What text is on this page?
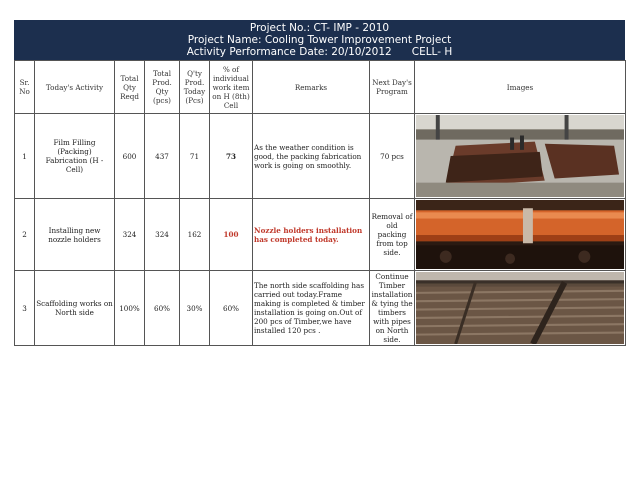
Project No.: CT- IMP - 2010
Project Name: Cooling Tower Improvement Project
Activity Performance Date: 20/10/2012 CELL- H
Sr. No	Today's Activity	Total Qty Reqd	Total Prod. Qty (pcs)	Q'ty Prod. Today (Pcs)	% of individual work item on H (8th) Cell	Remarks	Next Day's Program	Images
1	Film Filling (Packing) Fabrication (H - Cell)	600	437	71	73	As the weather condition is good, the packing fabrication work is going on smoothly.	70 pcs	

2	Installing new nozzle holders	324	324	162	100	Nozzle holders installation has completed today.	Removal of old packing from top side.	

3	Scaffolding works on North side	100%	60%	30%	60%	The north side scaffolding has carried out today.Frame making is completed & timber installation is going on.Out of 200 pcs of Timber,we have installed 120 pcs .	Continue Timber installation & tying the timbers with pipes on North side.	
